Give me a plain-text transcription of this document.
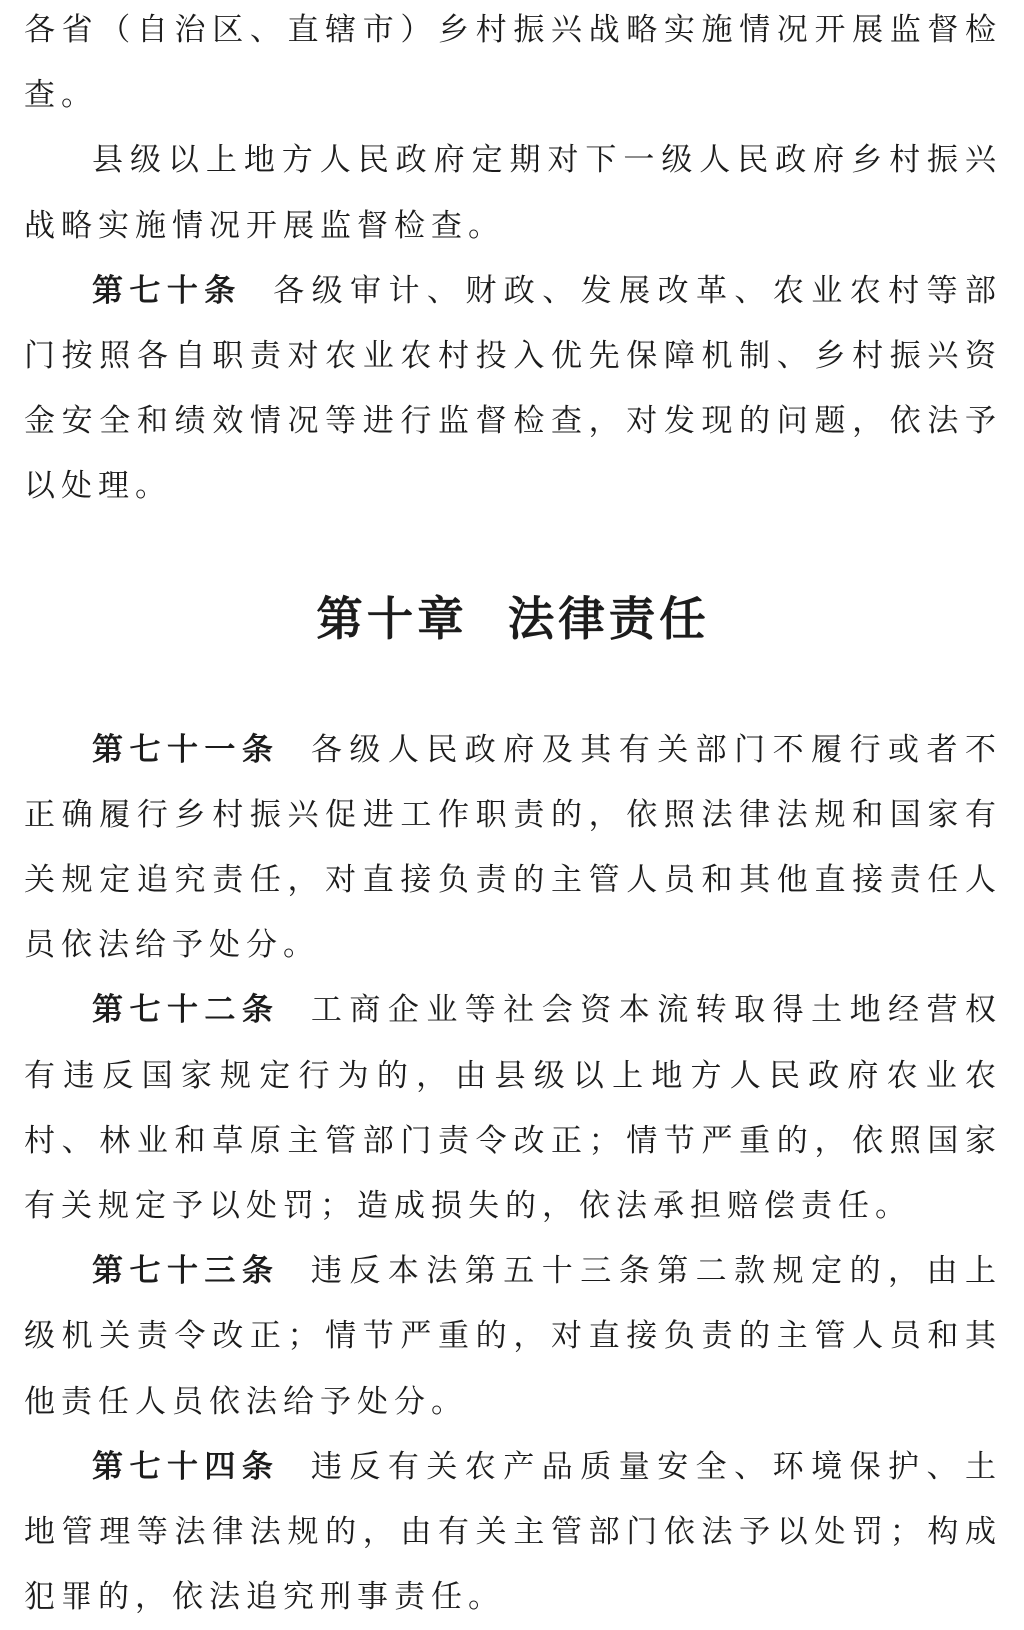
各省（自治区、直辖市）乡村振兴战略实施情况开展监督检查。

县级以上地方人民政府定期对下一级人民政府乡村振兴战略实施情况开展监督检查。

第七十条 各级审计、财政、发展改革、农业农村等部门按照各自职责对农业农村投入优先保障机制、乡村振兴资金安全和绩效情况等进行监督检查，对发现的问题，依法予以处理。

第十章 法律责任

第七十一条 各级人民政府及其有关部门不履行或者不正确履行乡村振兴促进工作职责的，依照法律法规和国家有关规定追究责任，对直接负责的主管人员和其他直接责任人员依法给予处分。

第七十二条 工商企业等社会资本流转取得土地经营权有违反国家规定行为的，由县级以上地方人民政府农业农村、林业和草原主管部门责令改正；情节严重的，依照国家有关规定予以处罚；造成损失的，依法承担赔偿责任。

第七十三条 违反本法第五十三条第二款规定的，由上级机关责令改正；情节严重的，对直接负责的主管人员和其他责任人员依法给予处分。

第七十四条 违反有关农产品质量安全、环境保护、土地管理等法律法规的，由有关主管部门依法予以处罚；构成犯罪的，依法追究刑事责任。
